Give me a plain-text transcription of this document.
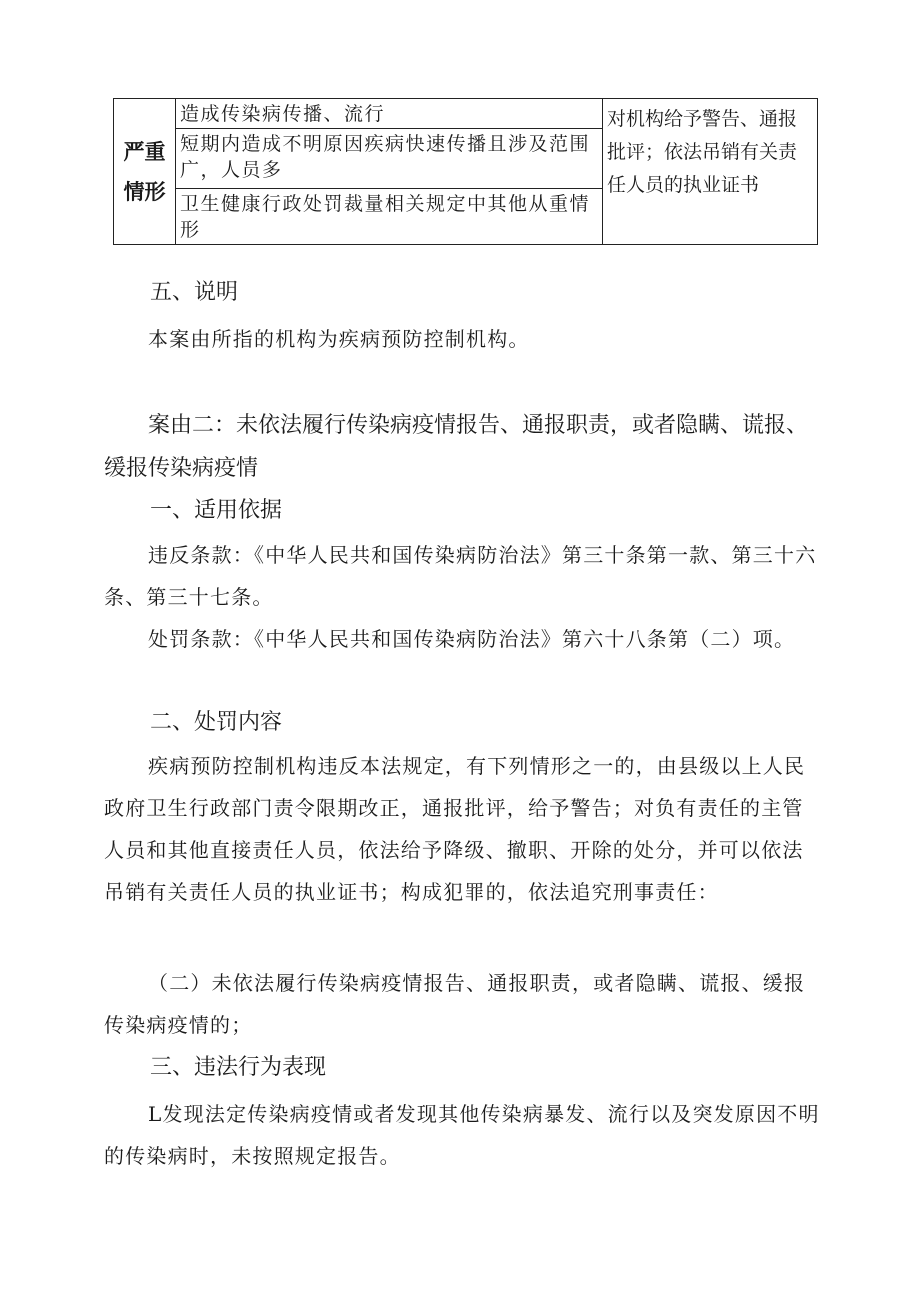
严重
情形	
造成传染病传播、流行	对机构给予警告、通报批评；依法吊销有关责任人员的执业证书

短期内造成不明原因疾病快速传播且涉及范围广，人员多

卫生健康行政处罚裁量相关规定中其他从重情形
五、说明

本案由所指的机构为疾病预防控制机构。

案由二：未依法履行传染病疫情报告、通报职责，或者隐瞒、谎报、缓报传染病疫情
一、适用依据

违反条款：《中华人民共和国传染病防治法》第三十条第一款、第三十六条、第三十七条。

处罚条款：《中华人民共和国传染病防治法》第六十八条第（二）项。

二、处罚内容

疾病预防控制机构违反本法规定，有下列情形之一的，由县级以上人民政府卫生行政部门责令限期改正，通报批评，给予警告；对负有责任的主管人员和其他直接责任人员，依法给予降级、撤职、开除的处分，并可以依法吊销有关责任人员的执业证书；构成犯罪的，依法追究刑事责任：

（二）未依法履行传染病疫情报告、通报职责，或者隐瞒、谎报、缓报传染病疫情的；

三、违法行为表现

L发现法定传染病疫情或者发现其他传染病暴发、流行以及突发原因不明的传染病时，未按照规定报告。
